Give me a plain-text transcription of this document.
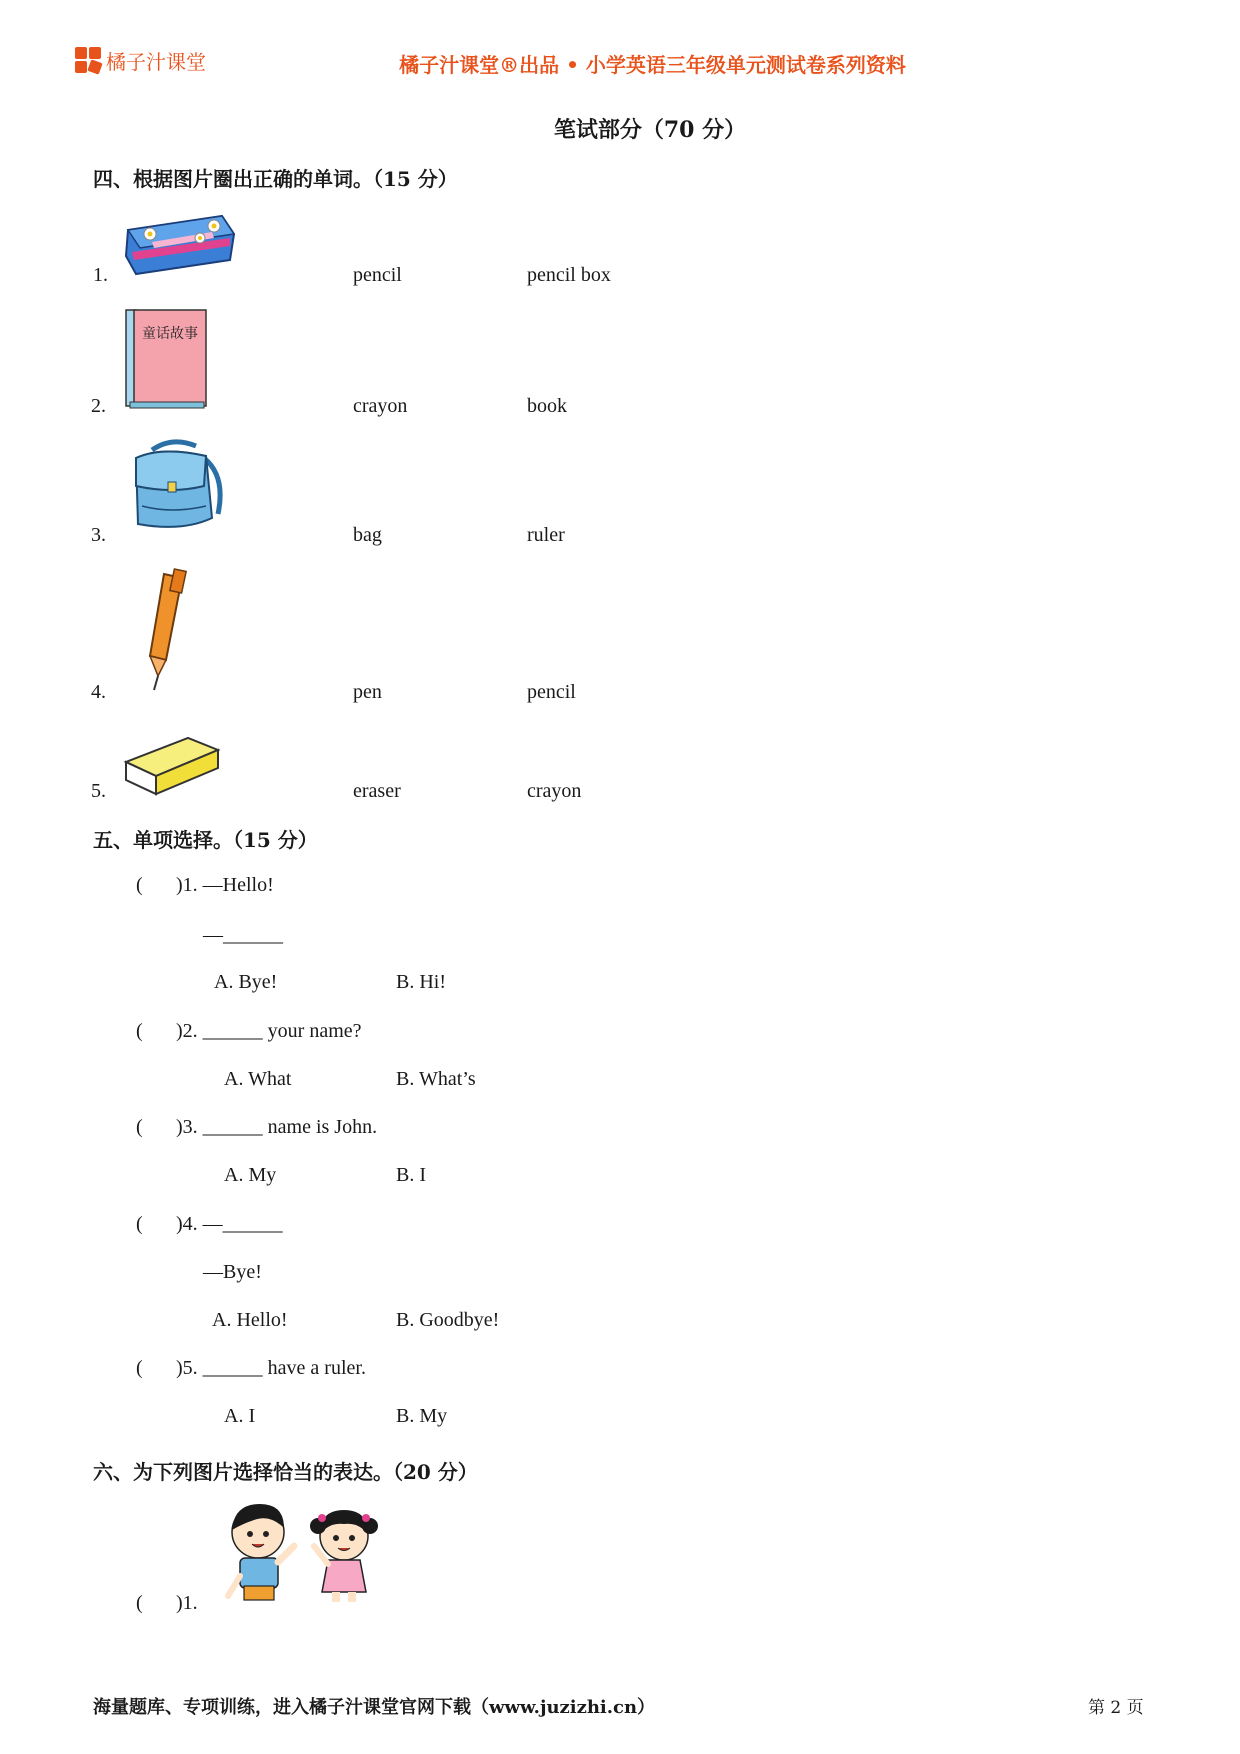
橘子汁课堂	橘子汁课堂®出品 • 小学英语三年级单元测试卷系列资料
笔试部分（70 分）
四、根据图片圈出正确的单词。（15 分）
1.	pencil	pencil box
童话故事
2.	crayon	book
3.	bag	ruler
4.	pen	pencil
5.	eraser	crayon
五、单项选择。（15 分）
( )1. —Hello!
—______
A. Bye!	B. Hi!
( )2. ______ your name?
A. What	B. What’s
( )3. ______ name is John.
A. My	B. I
( )4. —______
—Bye!
A. Hello!	B. Goodbye!
( )5. ______ have a ruler.
A. I	B. My
六、为下列图片选择恰当的表达。（20 分）
( )1.
海量题库、专项训练，进入橘子汁课堂官网下载（www.juzizhi.cn）	第 2 页
